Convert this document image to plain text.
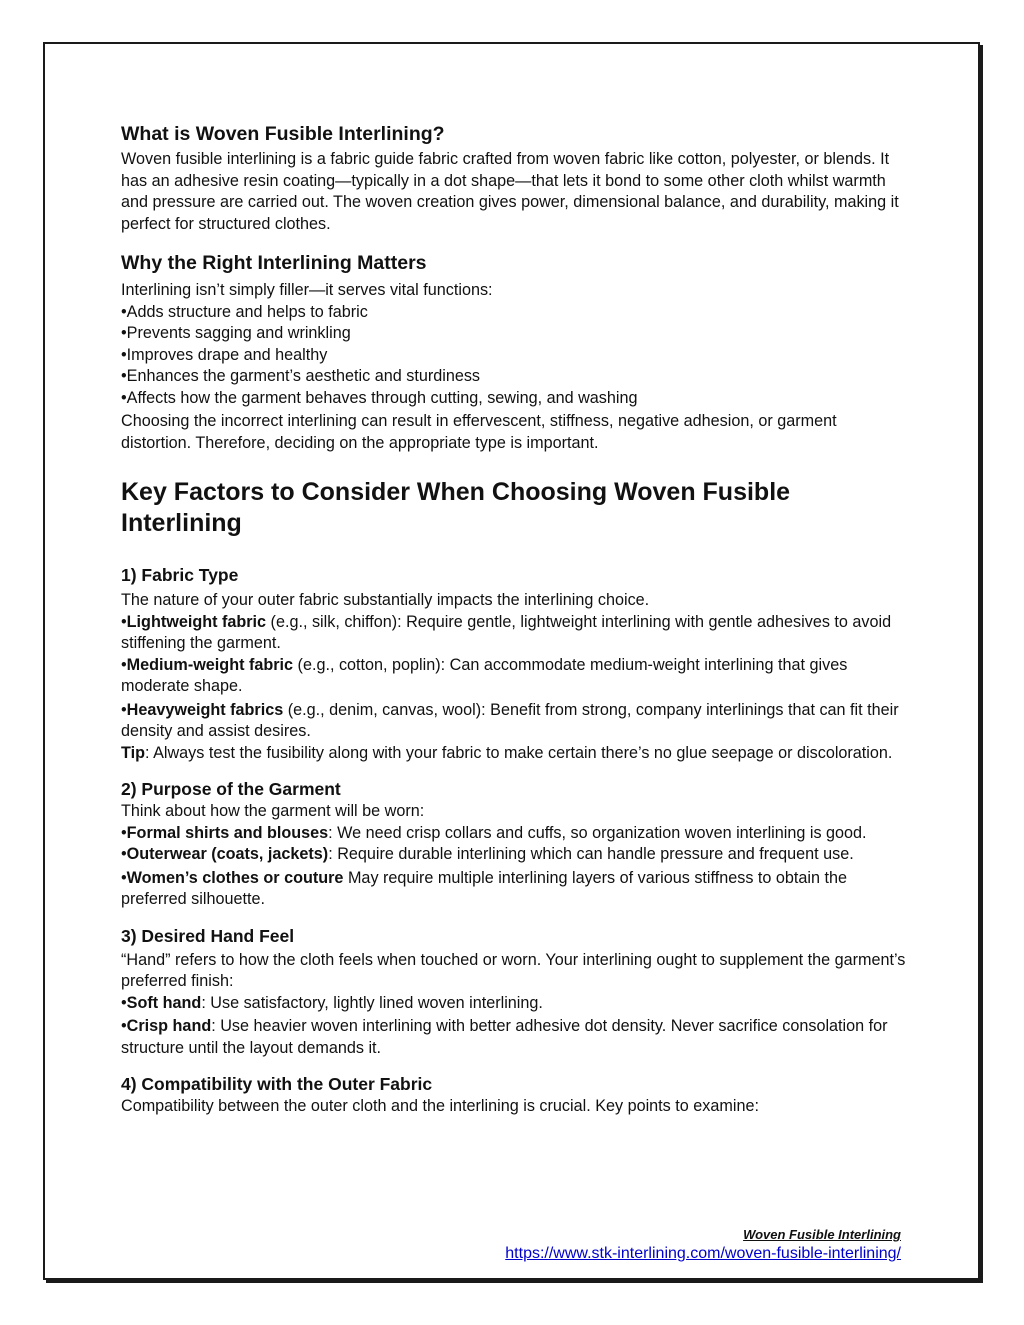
What is Woven Fusible Interlining?

Woven fusible interlining is a fabric guide fabric crafted from woven fabric like cotton, polyester, or blends. It has an adhesive resin coating—typically in a dot shape—that lets it bond to some other cloth whilst warmth and pressure are carried out. The woven creation gives power, dimensional balance, and durability, making it perfect for structured clothes.

Why the Right Interlining Matters

Interlining isn’t simply filler—it serves vital functions:

•Adds structure and helps to fabric

•Prevents sagging and wrinkling

•Improves drape and healthy

•Enhances the garment’s aesthetic and sturdiness

•Affects how the garment behaves through cutting, sewing, and washing

Choosing the incorrect interlining can result in effervescent, stiffness, negative adhesion, or garment distortion. Therefore, deciding on the appropriate type is important.

Key Factors to Consider When Choosing Woven Fusible Interlining
1) Fabric Type

The nature of your outer fabric substantially impacts the interlining choice.

•Lightweight fabric (e.g., silk, chiffon): Require gentle, lightweight interlining with gentle adhesives to avoid stiffening the garment.

•Medium-weight fabric (e.g., cotton, poplin): Can accommodate medium-weight interlining that gives moderate shape.

•Heavyweight fabrics (e.g., denim, canvas, wool): Benefit from strong, company interlinings that can fit their density and assist desires.

Tip: Always test the fusibility along with your fabric to make certain there’s no glue seepage or discoloration.

2) Purpose of the Garment

Think about how the garment will be worn:

•Formal shirts and blouses: We need crisp collars and cuffs, so organization woven interlining is good.

•Outerwear (coats, jackets): Require durable interlining which can handle pressure and frequent use.

•Women’s clothes or couture May require multiple interlining layers of various stiffness to obtain the preferred silhouette.

3) Desired Hand Feel

“Hand” refers to how the cloth feels when touched or worn. Your interlining ought to supplement the garment’s preferred finish:

•Soft hand: Use satisfactory, lightly lined woven interlining.

•Crisp hand: Use heavier woven interlining with better adhesive dot density. Never sacrifice consolation for structure until the layout demands it.

4) Compatibility with the Outer Fabric

Compatibility between the outer cloth and the interlining is crucial. Key points to examine:

Woven Fusible Interlining
https://www.stk-interlining.com/woven-fusible-interlining/
